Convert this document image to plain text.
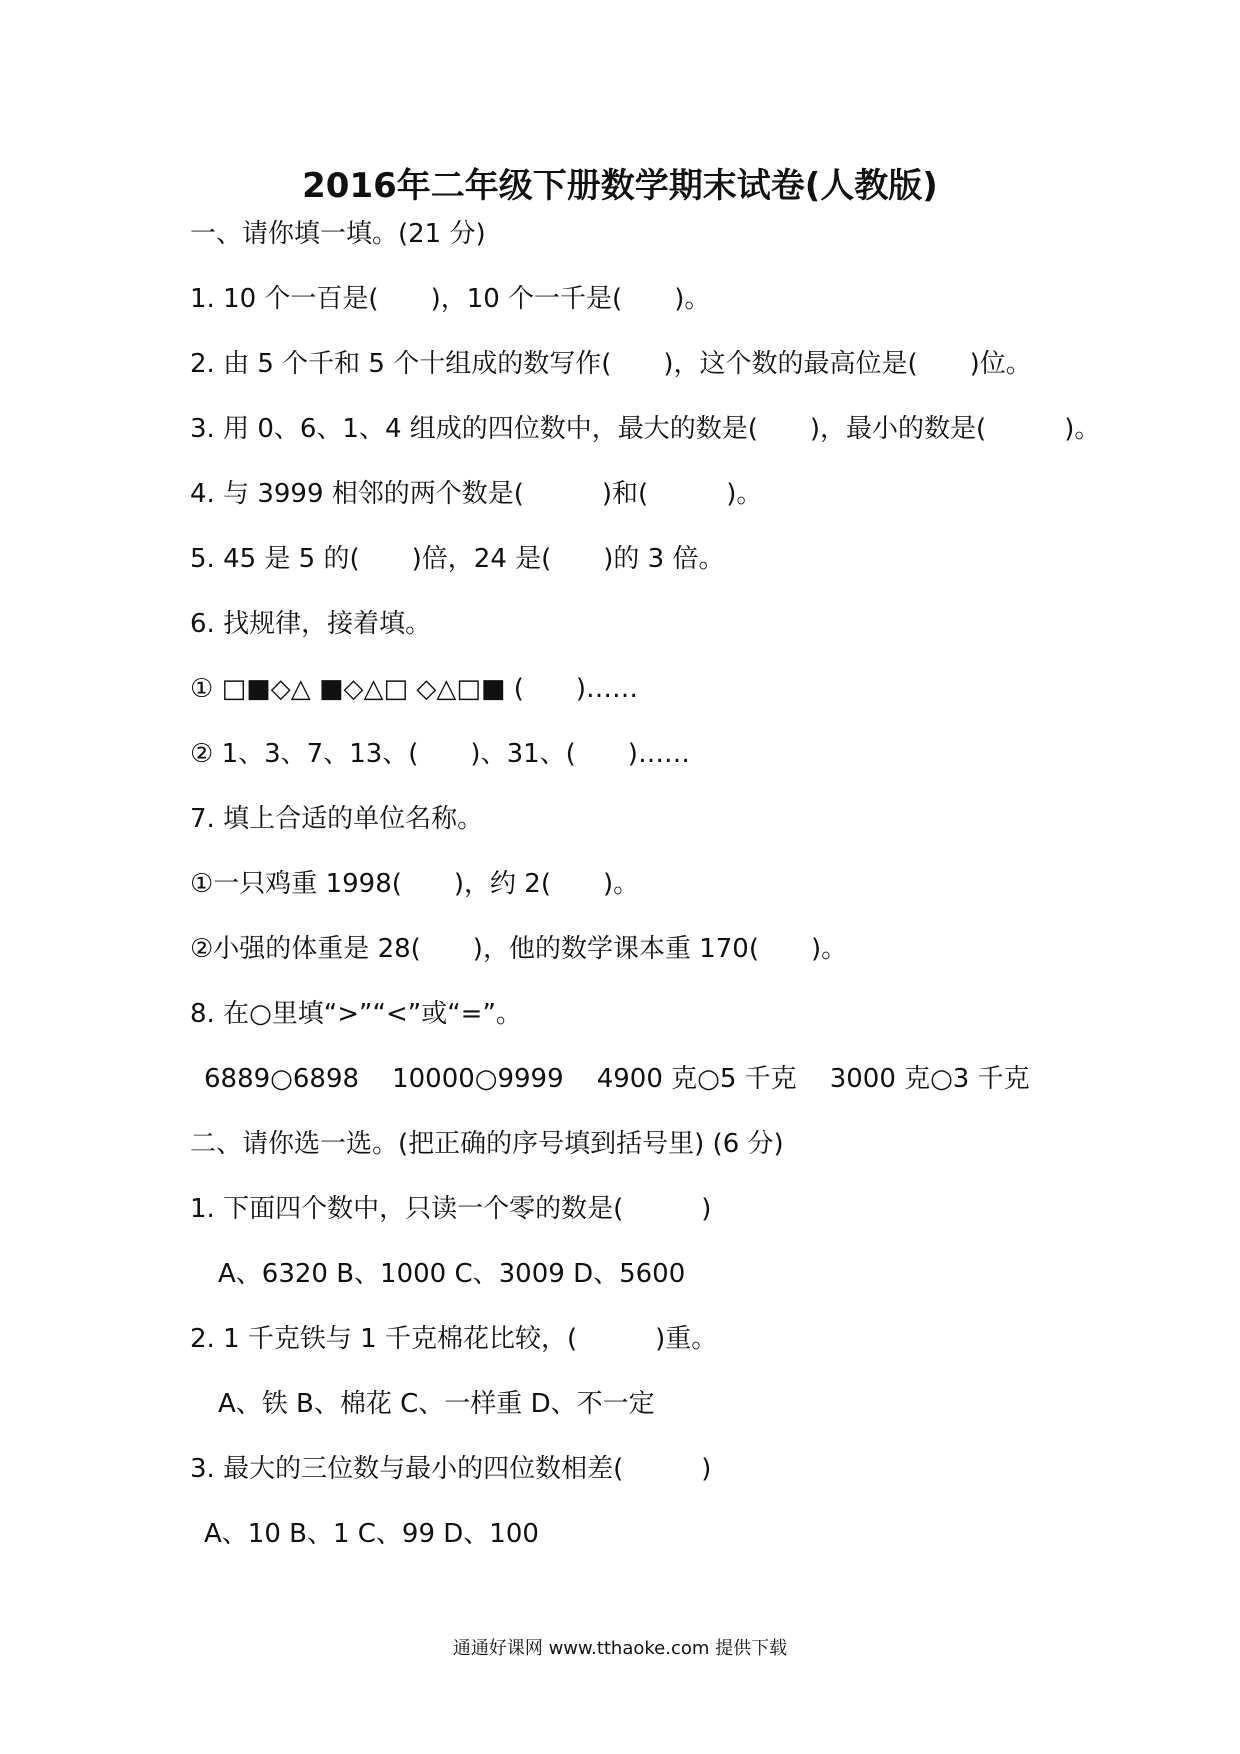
2016年二年级下册数学期末试卷(人教版)
一、请你填一填。(21 分)
1. 10 个一百是(　　)，10 个一千是(　　)。
2. 由 5 个千和 5 个十组成的数写作(　　)，这个数的最高位是(　　)位。
3. 用 0、6、1、4 组成的四位数中，最大的数是(　　)，最小的数是(　　　)。
4. 与 3999 相邻的两个数是(　　　)和(　　　)。
5. 45 是 5 的(　　)倍，24 是(　　)的 3 倍。
6. 找规律，接着填。
① □■◇△ ■◇△□ ◇△□■ (　　)……
② 1、3、7、13、(　　)、31、(　　)……
7. 填上合适的单位名称。
①一只鸡重 1998(　　)，约 2(　　)。
②小强的体重是 28(　　)，他的数学课本重 170(　　)。
8. 在○里填“>”“<”或“=”。
6889○6898    10000○9999    4900 克○5 千克    3000 克○3 千克
二、请你选一选。(把正确的序号填到括号里) (6 分)
1. 下面四个数中，只读一个零的数是(　　　)
A、6320 B、1000 C、3009 D、5600
2. 1 千克铁与 1 千克棉花比较，(　　　)重。
A、铁 B、棉花 C、一样重 D、不一定
3. 最大的三位数与最小的四位数相差(　　　)
A、10 B、1 C、99 D、100
通通好课网 www.tthaoke.com 提供下载
